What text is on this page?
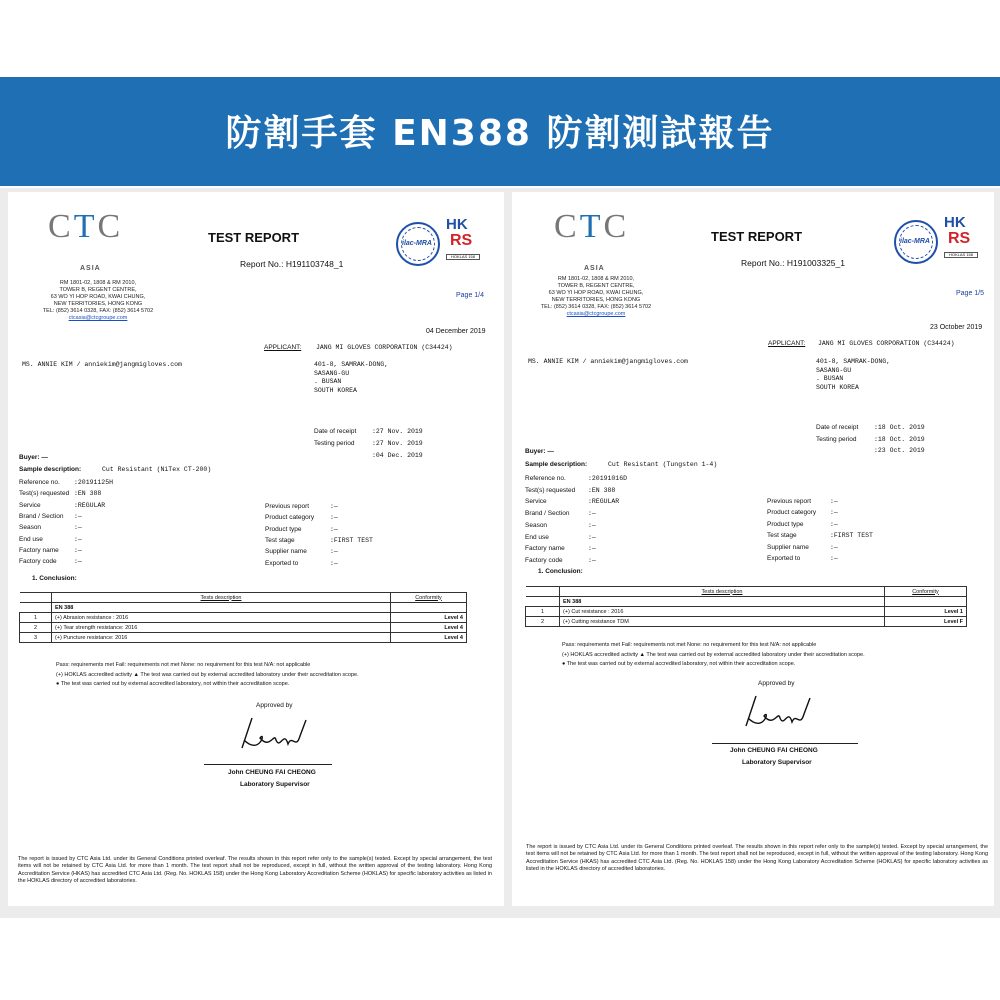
防割手套 EN388 防割測試報告
CTC
ASIA
RM 1801-02, 1808 & RM 2010,
TOWER B, REGENT CENTRE,
63 WO YI HOP ROAD, KWAI CHUNG,
NEW TERRITORIES, HONG KONG
TEL: (852) 3614 0328, FAX: (852) 3614 5702
ctcasia@ctcgroupe.com
TEST REPORT
Report No.: H191103748_1
ilac-MRA
HK
RS
HOKLAS 158
Page 1/4
04 December 2019
APPLICANT: JANG MI GLOVES CORPORATION (C34424)
MS. ANNIE KIM / anniekim@jangmigloves.com	401-8, SAMRAK-DONG,
SASANG-GU
. BUSAN
SOUTH KOREA
Date of receipt :27 Nov. 2019
Testing period	:27 Nov. 2019
:04 Dec. 2019
Buyer: —
Sample description:	Cut Resistant (NiTex CT-200)
Reference no. :20191125H
Test(s) requested :EN 388
Service	:REGULAR
Brand / Section :—
Season	:—
End use	:—
Factory name :—
Factory code	:—
Previous report	:—
Product category :—
Product type	:—
Test stage	:FIRST TEST
Supplier name	:—
Exported to	:—
1. Conclusion:
	Tests description	Conformity
	EN 388	
1	(+) Abrasion resistance : 2016	Level 4
2	(+) Tear strength resistance: 2016	Level 4
3	(+) Puncture resistance: 2016	Level 4
Pass: requirements met Fail: requirements not met None: no requirement for this test N/A: not applicable
(+) HOKLAS accredited activity ▲ The test was carried out by external accredited laboratory under their accreditation scope.
● The test was carried out by external accredited laboratory, not within their accreditation scope.
Approved by
John CHEUNG FAI CHEONG
Laboratory Supervisor
The report is issued by CTC Asia Ltd. under its General Conditions printed overleaf. The results shown in this report refer only to the sample(s) tested. Except by special arrangement, the test items will not be retained by CTC Asia Ltd. for more than 1 month. The test report shall not be reproduced, except in full, without the written approval of the testing laboratory. Hong Kong Accreditation Service (HKAS) has accredited CTC Asia Ltd. (Reg. No. HOKLAS 158) under the Hong Kong Laboratory Accreditation Scheme (HOKLAS) for specific laboratory activities as listed in the HOKLAS directory of accredited laboratories.
CTC
ASIA
RM 1801-02, 1808 & RM 2010,
TOWER B, REGENT CENTRE,
63 WO YI HOP ROAD, KWAI CHUNG,
NEW TERRITORIES, HONG KONG
TEL: (852) 3614 0328, FAX: (852) 3614 5702
ctcasia@ctcgroupe.com
TEST REPORT
Report No.: H191003325_1
ilac-MRA
HK
RS
HOKLAS 158
Page 1/5
23 October 2019
APPLICANT: JANG MI GLOVES CORPORATION (C34424)
MS. ANNIE KIM / anniekim@jangmigloves.com	401-8, SAMRAK-DONG,
SASANG-GU
. BUSAN
SOUTH KOREA
Date of receipt :18 Oct. 2019
Testing period	:18 Oct. 2019
:23 Oct. 2019
Buyer: —
Sample description:	Cut Resistant (Tungsten 1-4)
Reference no.	:20191016D
Test(s) requested :EN 388
Service	:REGULAR
Brand / Section	:—
Season	:—
End use	:—
Factory name	:—
Factory code	:—
Previous report	:—
Product category :—
Product type	:—
Test stage	:FIRST TEST
Supplier name	:—
Exported to	:—
1. Conclusion:
	Tests description	Conformity
	EN 388	
1	(+) Cut resistance : 2016	Level 1
2	(+) Cutting resistance TDM	Level F
Pass: requirements met Fail: requirements not met None: no requirement for this test N/A: not applicable
(+) HOKLAS accredited activity ▲ The test was carried out by external accredited laboratory under their accreditation scope.
● The test was carried out by external accredited laboratory, not within their accreditation scope.
Approved by
John CHEUNG FAI CHEONG
Laboratory Supervisor
The report is issued by CTC Asia Ltd. under its General Conditions printed overleaf. The results shown in this report refer only to the sample(s) tested. Except by special arrangement, the test items will not be retained by CTC Asia Ltd. for more than 1 month. The test report shall not be reproduced, except in full, without the written approval of the testing laboratory. Hong Kong Accreditation Service (HKAS) has accredited CTC Asia Ltd. (Reg. No. HOKLAS 158) under the Hong Kong Laboratory Accreditation Scheme (HOKLAS) for specific laboratory activities as listed in the HOKLAS directory of accredited laboratories.
